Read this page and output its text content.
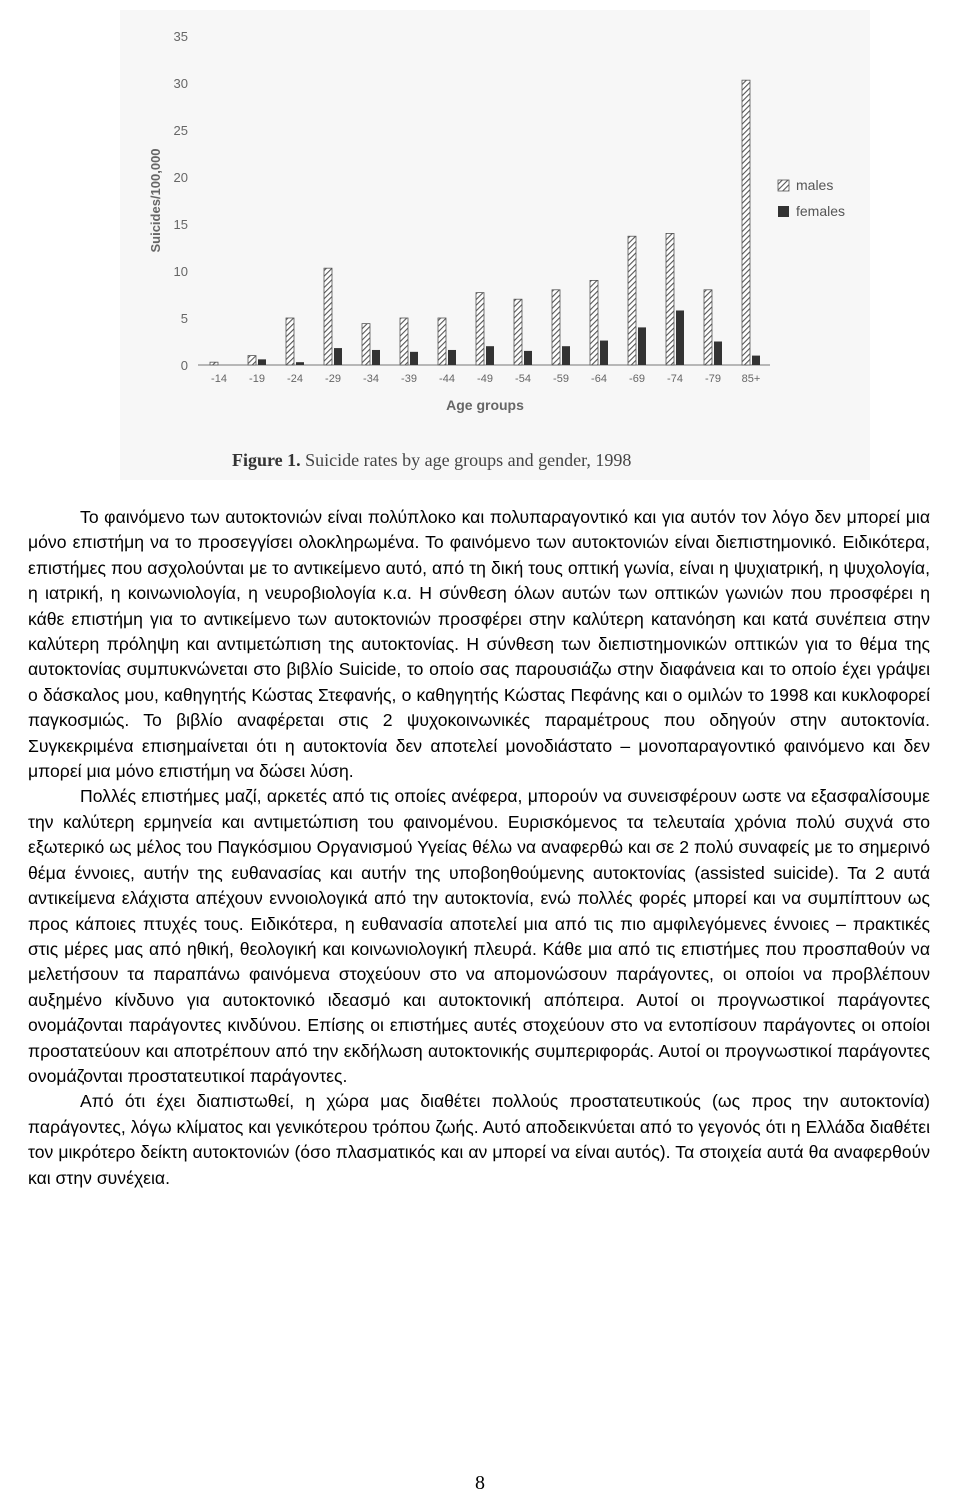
0
5
10
15
20
25
30
35
Suicides/100,000
-14 -19 -24 -29 -34 -39 -44 -49 -54 -59 -64 -69 -74 -79 85+
Age groups
males
females
Figure 1. Suicide rates by age groups and gender, 1998

Το φαινόμενο των αυτοκτονιών είναι πολύπλοκο και πολυπαραγοντικό και για αυτόν τον λόγο δεν μπορεί μια μόνο επιστήμη να το προσεγγίσει ολοκληρωμένα. Το φαινόμενο των αυτοκτονιών είναι διεπιστημονικό. Ειδικότερα, επιστήμες που ασχολούνται με το αντικείμενο αυτό, από τη δική τους οπτική γωνία, είναι η ψυχιατρική, η ψυχολογία, η ιατρική, η κοινωνιολογία, η νευροβιολογία κ.α. Η σύνθεση όλων αυτών των οπτικών γωνιών που προσφέρει η κάθε επιστήμη για το αντικείμενο των αυτοκτονιών προσφέρει στην καλύτερη κατανόηση και κατά συνέπεια στην καλύτερη πρόληψη και αντιμετώπιση της αυτοκτονίας. Η σύνθεση των διεπιστημονικών οπτικών για το θέμα της αυτοκτονίας συμπυκνώνεται στο βιβλίο Suicide, το οποίο σας παρουσιάζω στην διαφάνεια και το οποίο έχει γράψει ο δάσκαλος μου, καθηγητής Κώστας Στεφανής, ο καθηγητής Κώστας Πεφάνης και ο ομιλών το 1998 και κυκλοφορεί παγκοσμιώς. Το βιβλίο αναφέρεται στις 2 ψυχοκοινωνικές παραμέτρους που οδηγούν στην αυτοκτονία. Συγκεκριμένα επισημαίνεται ότι η αυτοκτονία δεν αποτελεί μονοδιάστατο – μονοπαραγοντικό φαινόμενο και δεν μπορεί μια μόνο επιστήμη να δώσει λύση.

Πολλές επιστήμες μαζί, αρκετές από τις οποίες ανέφερα, μπορούν να συνεισφέρουν ωστε να εξασφαλίσουμε την καλύτερη ερμηνεία και αντιμετώπιση του φαινομένου. Ευρισκόμενος τα τελευταία χρόνια πολύ συχνά στο εξωτερικό ως μέλος του Παγκόσμιου Οργανισμού Υγείας θέλω να αναφερθώ και σε 2 πολύ συναφείς με το σημερινό θέμα έννοιες, αυτήν της ευθανασίας και αυτήν της υποβοηθούμενης αυτοκτονίας (assisted suicide). Τα 2 αυτά αντικείμενα ελάχιστα απέχουν εννοιολογικά από την αυτοκτονία, ενώ πολλές φορές μπορεί και να συμπίπτουν ως προς κάποιες πτυχές τους. Ειδικότερα, η ευθανασία αποτελεί μια από τις πιο αμφιλεγόμενες έννοιες – πρακτικές στις μέρες μας από ηθική, θεολογική και κοινωνιολογική πλευρά. Κάθε μια από τις επιστήμες που προσπαθούν να μελετήσουν τα παραπάνω φαινόμενα στοχεύουν στο να απομονώσουν παράγοντες, οι οποίοι να προβλέπουν αυξημένο κίνδυνο για αυτοκτονικό ιδεασμό και αυτοκτονική απόπειρα. Αυτοί οι προγνωστικοί παράγοντες ονομάζονται παράγοντες κινδύνου. Επίσης οι επιστήμες αυτές στοχεύουν στο να εντοπίσουν παράγοντες οι οποίοι προστατεύουν και αποτρέπουν από την εκδήλωση αυτοκτονικής συμπεριφοράς. Αυτοί οι προγνωστικοί παράγοντες ονομάζονται προστατευτικοί παράγοντες.

Από ότι έχει διαπιστωθεί, η χώρα μας διαθέτει πολλούς προστατευτικούς (ως προς την αυτοκτονία) παράγοντες, λόγω κλίματος και γενικότερου τρόπου ζωής. Αυτό αποδεικνύεται από το γεγονός ότι η Ελλάδα διαθέτει τον μικρότερο δείκτη αυτοκτονιών (όσο πλασματικός και αν μπορεί να είναι αυτός). Τα στοιχεία αυτά θα αναφερθούν και στην συνέχεια.

8
